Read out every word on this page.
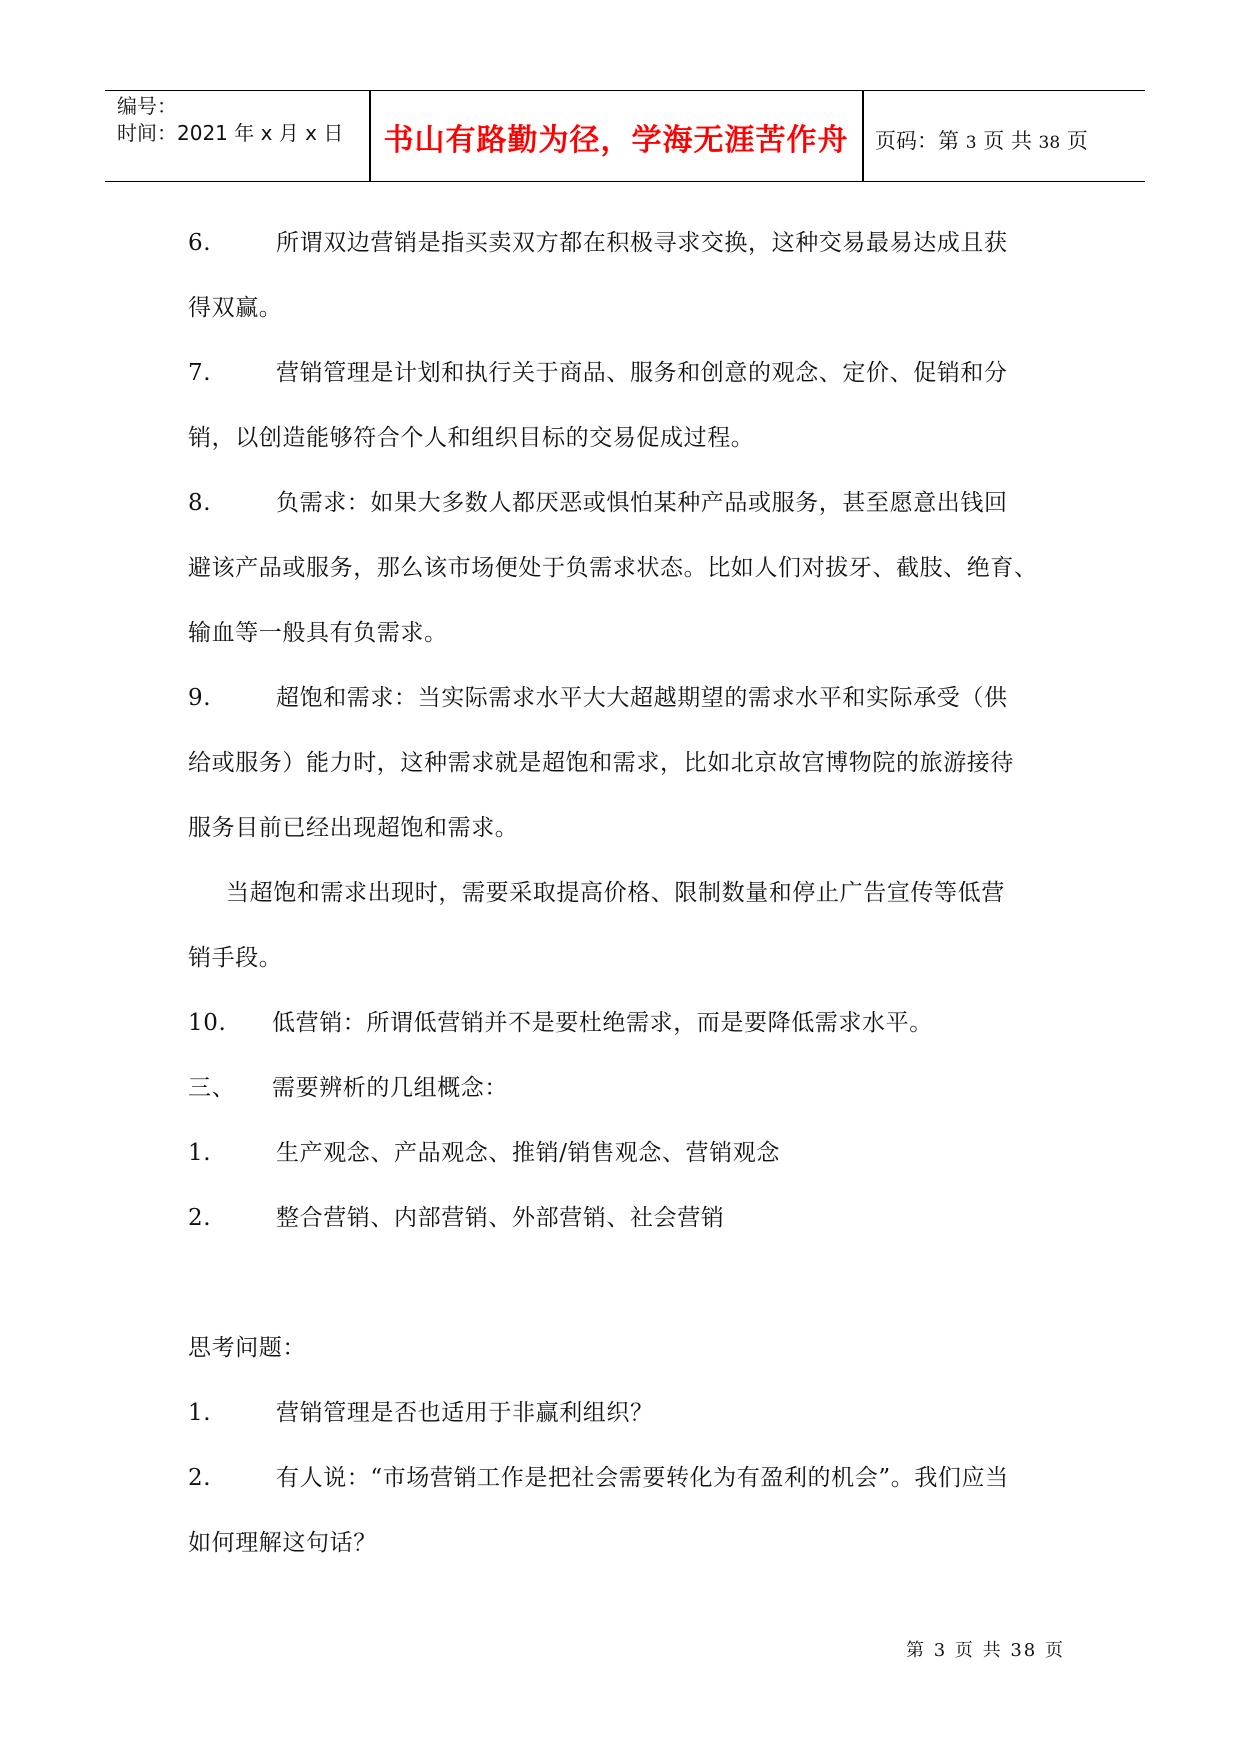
编号：
时间：2021 年 x 月 x 日	书山有路勤为径，学海无涯苦作舟	页码：第 3 页 共 38 页
6.	所谓双边营销是指买卖双方都在积极寻求交换，这种交易最易达成且获
得双赢。
7.	营销管理是计划和执行关于商品、服务和创意的观念、定价、促销和分
销，以创造能够符合个人和组织目标的交易促成过程。
8.	负需求：如果大多数人都厌恶或惧怕某种产品或服务，甚至愿意出钱回
避该产品或服务，那么该市场便处于负需求状态。比如人们对拔牙、截肢、绝育、
输血等一般具有负需求。
9.	超饱和需求：当实际需求水平大大超越期望的需求水平和实际承受（供
给或服务）能力时，这种需求就是超饱和需求，比如北京故宫博物院的旅游接待
服务目前已经出现超饱和需求。
当超饱和需求出现时，需要采取提高价格、限制数量和停止广告宣传等低营
销手段。
10. 低营销：所谓低营销并不是要杜绝需求，而是要降低需求水平。
三、 需要辨析的几组概念：
1.	生产观念、产品观念、推销/销售观念、营销观念
2.	整合营销、内部营销、外部营销、社会营销
思考问题：
1.	营销管理是否也适用于非赢利组织？
2.	有人说：“市场营销工作是把社会需要转化为有盈利的机会”。我们应当
如何理解这句话？
第 3 页 共 38 页
